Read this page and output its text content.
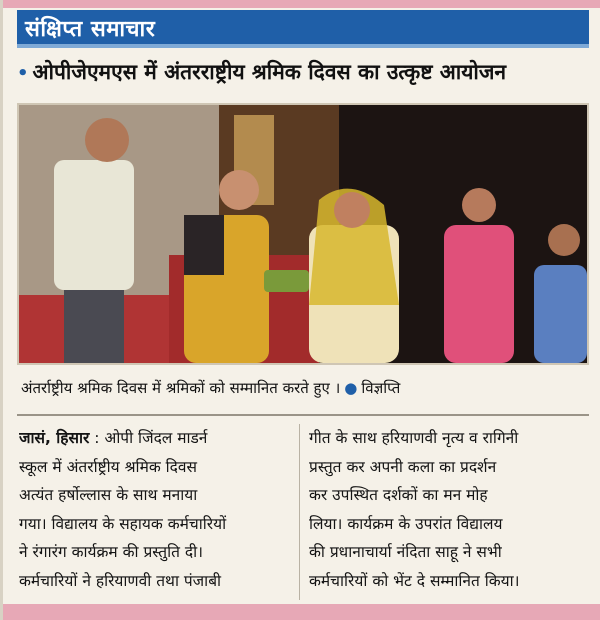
संक्षिप्त समाचार
• ओपीजेएमएस में अंतरराष्ट्रीय श्रमिक दिवस का उत्कृष्ट आयोजन
अंतर्राष्ट्रीय श्रमिक दिवस में श्रमिकों को सम्मानित करते हुए । ● विज्ञप्ति
जासं, हिसार : ओपी जिंदल माडर्न
स्कूल में अंतर्राष्ट्रीय श्रमिक दिवस
अत्यंत हर्षोल्लास के साथ मनाया
गया। विद्यालय के सहायक कर्मचारियों
ने रंगारंग कार्यक्रम की प्रस्तुति दी।
कर्मचारियों ने हरियाणवी तथा पंजाबी
गीत के साथ हरियाणवी नृत्य व रागिनी
प्रस्तुत कर अपनी कला का प्रदर्शन
कर उपस्थित दर्शकों का मन मोह
लिया। कार्यक्रम के उपरांत विद्यालय
की प्रधानाचार्या नंदिता साहू ने सभी
कर्मचारियों को भेंट दे सम्मानित किया।
